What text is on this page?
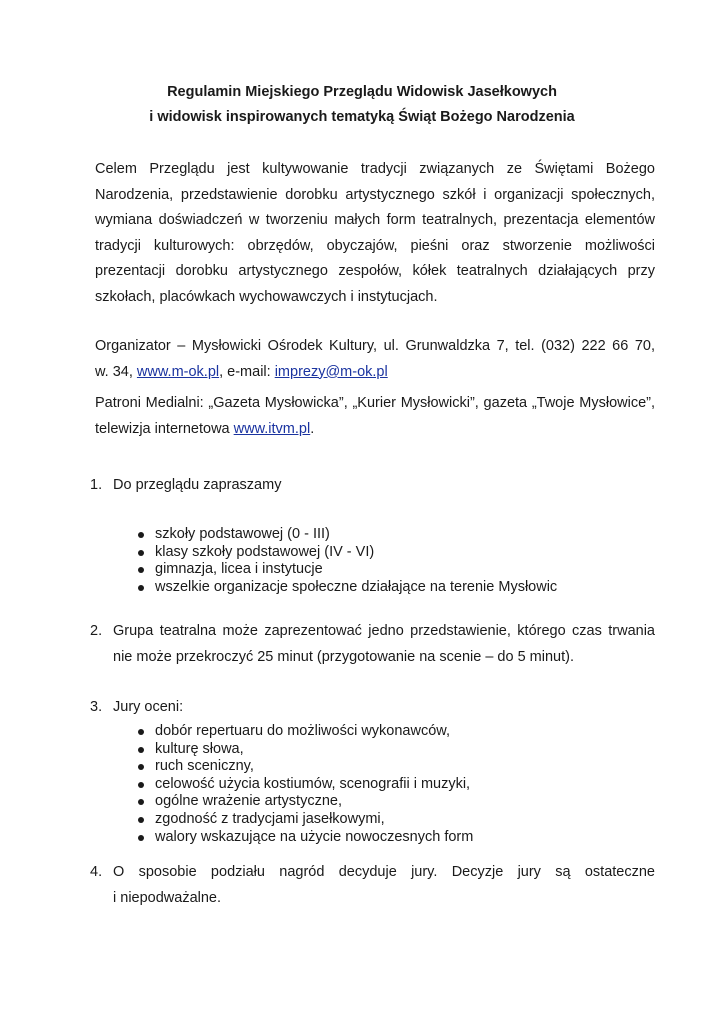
Regulamin Miejskiego Przeglądu Widowisk Jasełkowych
i widowisk inspirowanych tematyką Świąt Bożego Narodzenia
Celem Przeglądu jest kultywowanie tradycji związanych ze Świętami Bożego
Narodzenia, przedstawienie dorobku artystycznego szkół i organizacji społecznych,
wymiana doświadczeń w tworzeniu małych form teatralnych, prezentacja elementów
tradycji kulturowych: obrzędów, obyczajów, pieśni oraz stworzenie możliwości
prezentacji dorobku artystycznego zespołów, kółek teatralnych działających przy
szkołach, placówkach wychowawczych i instytucjach.
Organizator – Mysłowicki Ośrodek Kultury, ul. Grunwaldzka 7, tel. (032) 222 66 70,
w. 34, www.m-ok.pl, e-mail: imprezy@m-ok.pl
Patroni Medialni: „Gazeta Mysłowicka”, „Kurier Mysłowicki”, gazeta „Twoje Mysłowice”,
telewizja internetowa www.itvm.pl.
1. Do przeglądu zapraszamy
szkoły podstawowej (0 - III)
klasy szkoły podstawowej (IV - VI)
gimnazja, licea i instytucje
wszelkie organizacje społeczne działające na terenie Mysłowic
2. Grupa teatralna może zaprezentować jedno przedstawienie, którego czas trwania
nie może przekroczyć 25 minut (przygotowanie na scenie – do 5 minut).
3. Jury oceni:
dobór repertuaru do możliwości wykonawców,
kulturę słowa,
ruch sceniczny,
celowość użycia kostiumów, scenografii i muzyki,
ogólne wrażenie artystyczne,
zgodność z tradycjami jasełkowymi,
walory wskazujące na użycie nowoczesnych form
4. O sposobie podziału nagród decyduje jury. Decyzje jury są ostateczne
i niepodważalne.
